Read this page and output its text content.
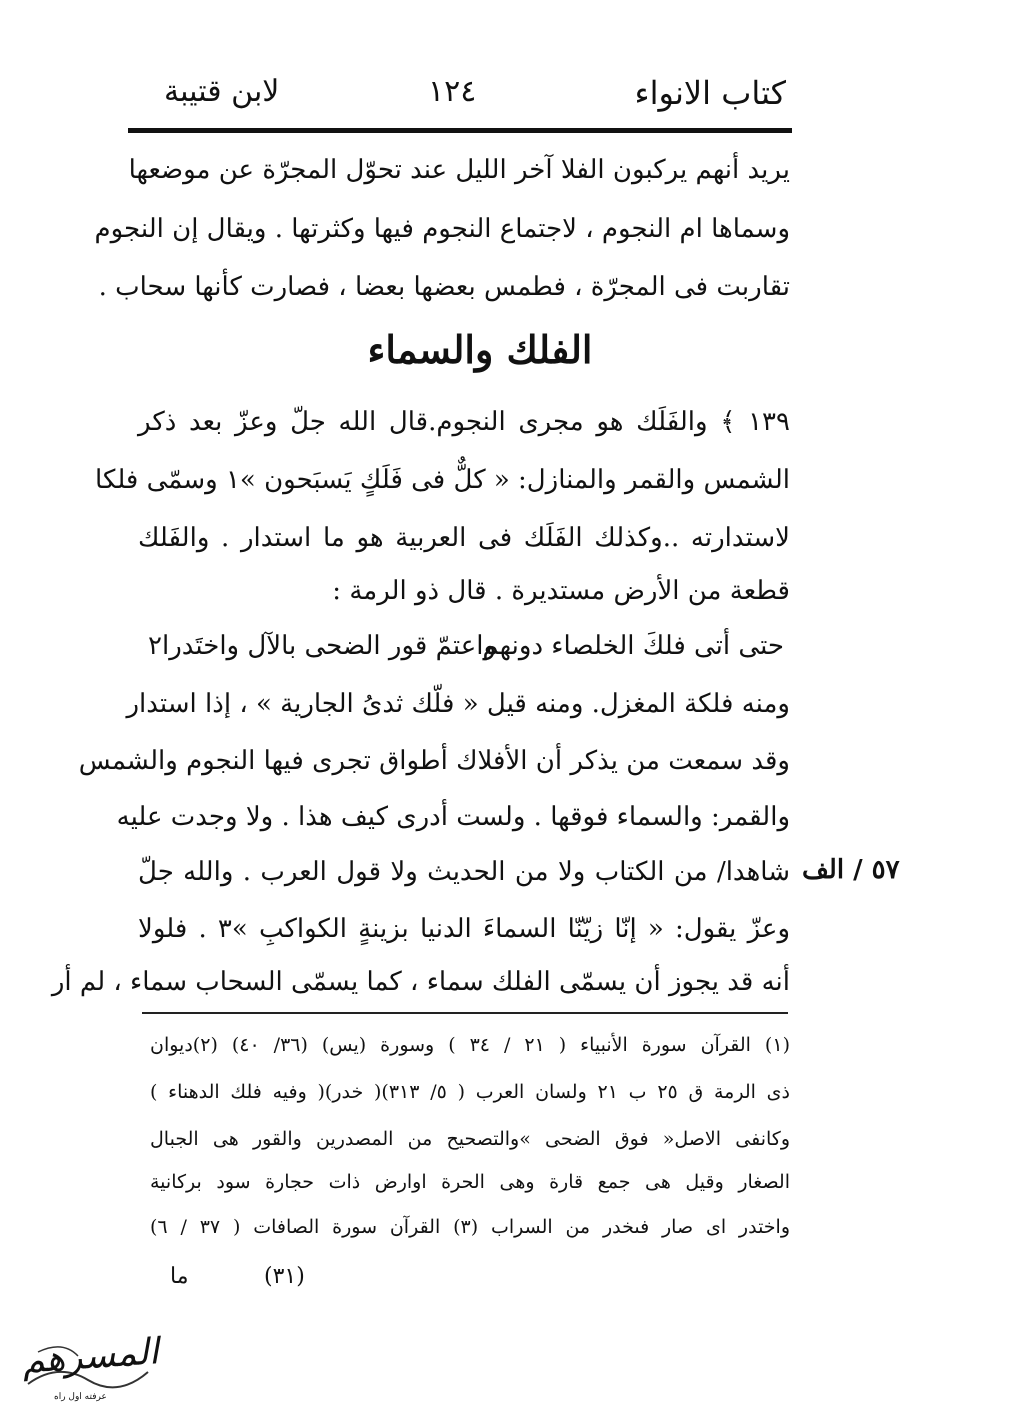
كتاب الانواء
١٢٤
لابن قتيبة
يريد أنهم يركبون الفلا آخر الليل عند تحوّل المجرّة عن موضعها
وسماها ام النجوم ، لاجتماع النجوم فيها وكثرتها . ويقال إن النجوم
تقاربت فى المجرّة ، فطمس بعضها بعضا ، فصارت كأنها سحاب .
الفلك والسماء
١٣٩ ﴾ والفَلَك هو مجرى النجوم.قال الله جلّ وعزّ بعد ذكر
الشمس والقمر والمنازل: « كلٌّ فى فَلَكٍ يَسبَحون »١ وسمّى فلكا
لاستدارته ..وكذلك الفَلَك فى العربية هو ما استدار . والفَلك
قطعة من الأرض مستديرة . قال ذو الرمة :
حتى أتى فلكَ الخلصاء دونهم
واعتمّ قور الضحى بالآل واختَدرا٢
ومنه فلكة المغزل. ومنه قيل « فلّك ثدىُ الجارية » ، إذا استدار
وقد سمعت من يذكر أن الأفلاك أطواق تجرى فيها النجوم والشمس
والقمر: والسماء فوقها . ولست أدرى كيف هذا . ولا وجدت عليه
شاهدا/ من الكتاب ولا من الحديث ولا قول العرب . والله جلّ
وعزّ يقول: « إنّا زيّنّا السماءَ الدنيا بزينةٍ الكواكبِ »٣ . فلولا
أنه قد يجوز أن يسمّى الفلك سماء ، كما يسمّى السحاب سماء ، لم أر
٥٧ / الف
(١) القرآن سورة الأنبياء ( ٢١ / ٣٤ ) وسورة (يس) (٣٦/ ٤٠) (٢)ديوان
ذى الرمة ق ٢٥ ب ٢١ ولسان العرب ( ٥/ ٣١٣)( خدر)( وفيه فلك الدهناء )
وكانفى الاصل« فوق الضحى »والتصحيح من المصدرين والقور هى الجبال
الصغار وقيل هى جمع قارة وهى الحرة اوارض ذات حجارة سود بركانية
واختدر اى صار فىخدر من السراب (٣) القرآن سورة الصافات ( ٣٧ / ٦)
(٣١)
ما
المسرهم
عرفته اول راه
